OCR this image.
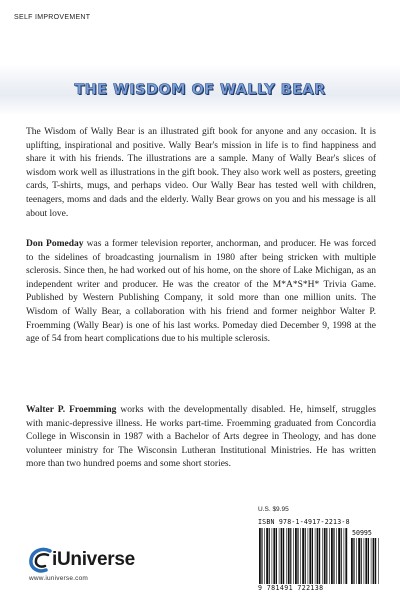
SELF IMPROVEMENT
THE WISDOM OF WALLY BEAR
The Wisdom of Wally Bear is an illustrated gift book for anyone and any occasion. It is uplifting, inspirational and positive. Wally Bear's mission in life is to find happiness and share it with his friends. The illustrations are a sample. Many of Wally Bear's slices of wisdom work well as illustrations in the gift book. They also work well as posters, greeting cards, T-shirts, mugs, and perhaps video. Our Wally Bear has tested well with children, teenagers, moms and dads and the elderly. Wally Bear grows on you and his message is all about love.
Don Pomeday was a former television reporter, anchorman, and producer. He was forced to the sidelines of broadcasting journalism in 1980 after being stricken with multiple sclerosis. Since then, he had worked out of his home, on the shore of Lake Michigan, as an independent writer and producer. He was the creator of the M*A*S*H* Trivia Game. Published by Western Publishing Company, it sold more than one million units. The Wisdom of Wally Bear, a collaboration with his friend and former neighbor Walter P. Froemming (Wally Bear) is one of his last works. Pomeday died December 9, 1998 at the age of 54 from heart complications due to his multiple sclerosis.
Walter P. Froemming works with the developmentally disabled. He, himself, struggles with manic-depressive illness. He works part-time. Froemming graduated from Concordia College in Wisconsin in 1987 with a Bachelor of Arts degree in Theology, and has done volunteer ministry for The Wisconsin Lutheran Institutional Ministries. He has written more than two hundred poems and some short stories.
iUniverse
www.iuniverse.com
U.S. $9.95
ISBN 978-1-4917-2213-8
50995
9 781491 722138
